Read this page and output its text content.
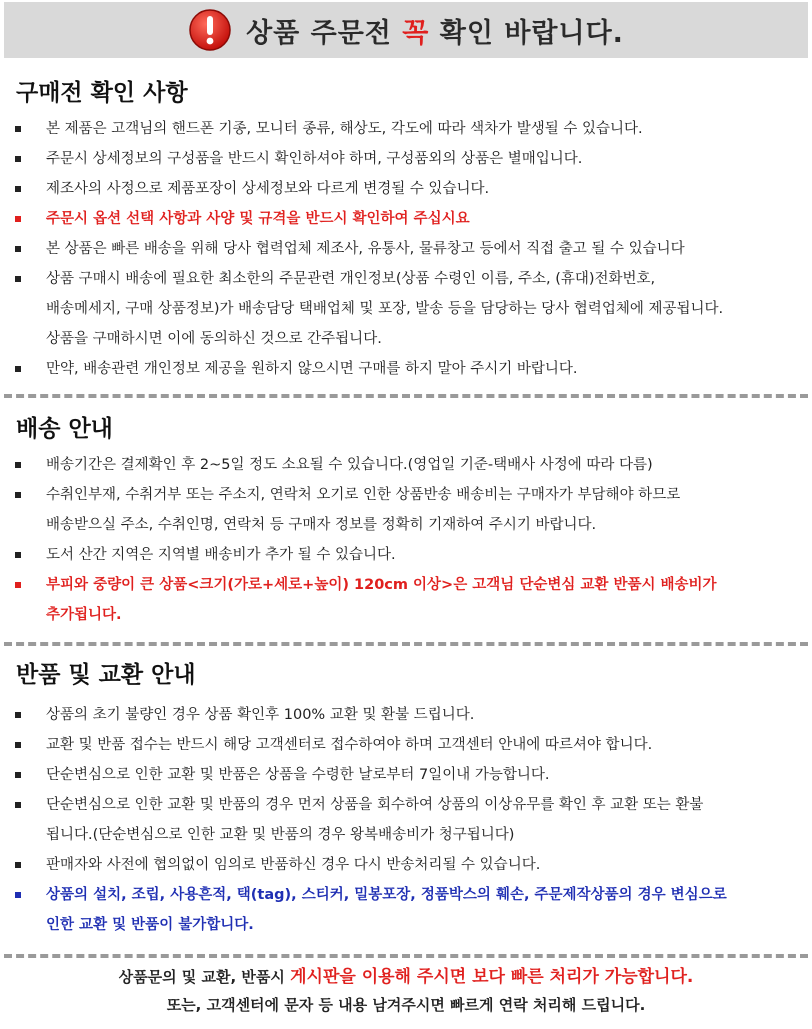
상품 주문전 꼭 확인 바랍니다.
구매전 확인 사항
본 제품은 고객님의 핸드폰 기종, 모니터 종류, 해상도, 각도에 따라 색차가 발생될 수 있습니다.
주문시 상세정보의 구성품을 반드시 확인하셔야 하며, 구성품외의 상품은 별매입니다.
제조사의 사정으로 제품포장이 상세정보와 다르게 변경될 수 있습니다.
주문시 옵션 선택 사항과 사양 및 규격을 반드시 확인하여 주십시요
본 상품은 빠른 배송을 위해 당사 협력업체 제조사, 유통사, 물류창고 등에서 직접 출고 될 수 있습니다
상품 구매시 배송에 필요한 최소한의 주문관련 개인정보(상품 수령인 이름, 주소, (휴대)전화번호,
배송메세지, 구매 상품정보)가 배송담당 택배업체 및 포장, 발송 등을 담당하는 당사 협력업체에 제공됩니다.
상품을 구매하시면 이에 동의하신 것으로 간주됩니다.
만약, 배송관련 개인정보 제공을 원하지 않으시면 구매를 하지 말아 주시기 바랍니다.
배송 안내
배송기간은 결제확인 후 2~5일 정도 소요될 수 있습니다.(영업일 기준-택배사 사정에 따라 다름)
수취인부재, 수취거부 또는 주소지, 연락처 오기로 인한 상품반송 배송비는 구매자가 부담해야 하므로
배송받으실 주소, 수취인명, 연락처 등 구매자 정보를 정확히 기재하여 주시기 바랍니다.
도서 산간 지역은 지역별 배송비가 추가 될 수 있습니다.
부피와 중량이 큰 상품<크기(가로+세로+높이) 120cm 이상>은 고객님 단순변심 교환 반품시 배송비가
추가됩니다.
반품 및 교환 안내
상품의 초기 불량인 경우 상품 확인후 100% 교환 및 환불 드립니다.
교환 및 반품 접수는 반드시 해당 고객센터로 접수하여야 하며 고객센터 안내에 따르셔야 합니다.
단순변심으로 인한 교환 및 반품은 상품을 수령한 날로부터 7일이내 가능합니다.
단순변심으로 인한 교환 및 반품의 경우 먼저 상품을 회수하여 상품의 이상유무를 확인 후 교환 또는 환불
됩니다.(단순변심으로 인한 교환 및 반품의 경우 왕복배송비가 청구됩니다)
판매자와 사전에 협의없이 임의로 반품하신 경우 다시 반송처리될 수 있습니다.
상품의 설치, 조립, 사용흔적, 택(tag), 스티커, 밀봉포장, 정품박스의 훼손, 주문제작상품의 경우 변심으로
인한 교환 및 반품이 불가합니다.
상품문의 및 교환, 반품시 게시판을 이용해 주시면 보다 빠른 처리가 가능합니다.
또는, 고객센터에 문자 등 내용 남겨주시면 빠르게 연락 처리해 드립니다.
